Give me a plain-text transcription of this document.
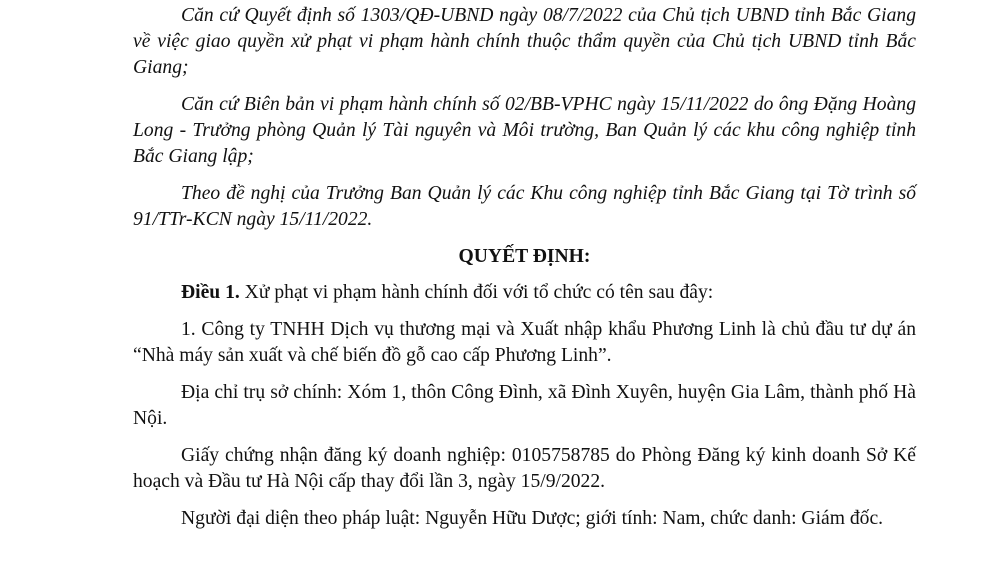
Căn cứ Quyết định số 1303/QĐ-UBND ngày 08/7/2022 của Chủ tịch UBND tỉnh Bắc Giang về việc giao quyền xử phạt vi phạm hành chính thuộc thẩm quyền của Chủ tịch UBND tỉnh Bắc Giang;

Căn cứ Biên bản vi phạm hành chính số 02/BB-VPHC ngày 15/11/2022 do ông Đặng Hoàng Long - Trưởng phòng Quản lý Tài nguyên và Môi trường, Ban Quản lý các khu công nghiệp tỉnh Bắc Giang lập;

Theo đề nghị của Trưởng Ban Quản lý các Khu công nghiệp tỉnh Bắc Giang tại Tờ trình số 91/TTr-KCN ngày 15/11/2022.

QUYẾT ĐỊNH:

Điều 1. Xử phạt vi phạm hành chính đối với tổ chức có tên sau đây:

1. Công ty TNHH Dịch vụ thương mại và Xuất nhập khẩu Phương Linh là chủ đầu tư dự án “Nhà máy sản xuất và chế biến đồ gỗ cao cấp Phương Linh”.

Địa chỉ trụ sở chính: Xóm 1, thôn Công Đình, xã Đình Xuyên, huyện Gia Lâm, thành phố Hà Nội.

Giấy chứng nhận đăng ký doanh nghiệp: 0105758785 do Phòng Đăng ký kinh doanh Sở Kế hoạch và Đầu tư Hà Nội cấp thay đổi lần 3, ngày 15/9/2022.

Người đại diện theo pháp luật: Nguyễn Hữu Dược; giới tính: Nam, chức danh: Giám đốc.
